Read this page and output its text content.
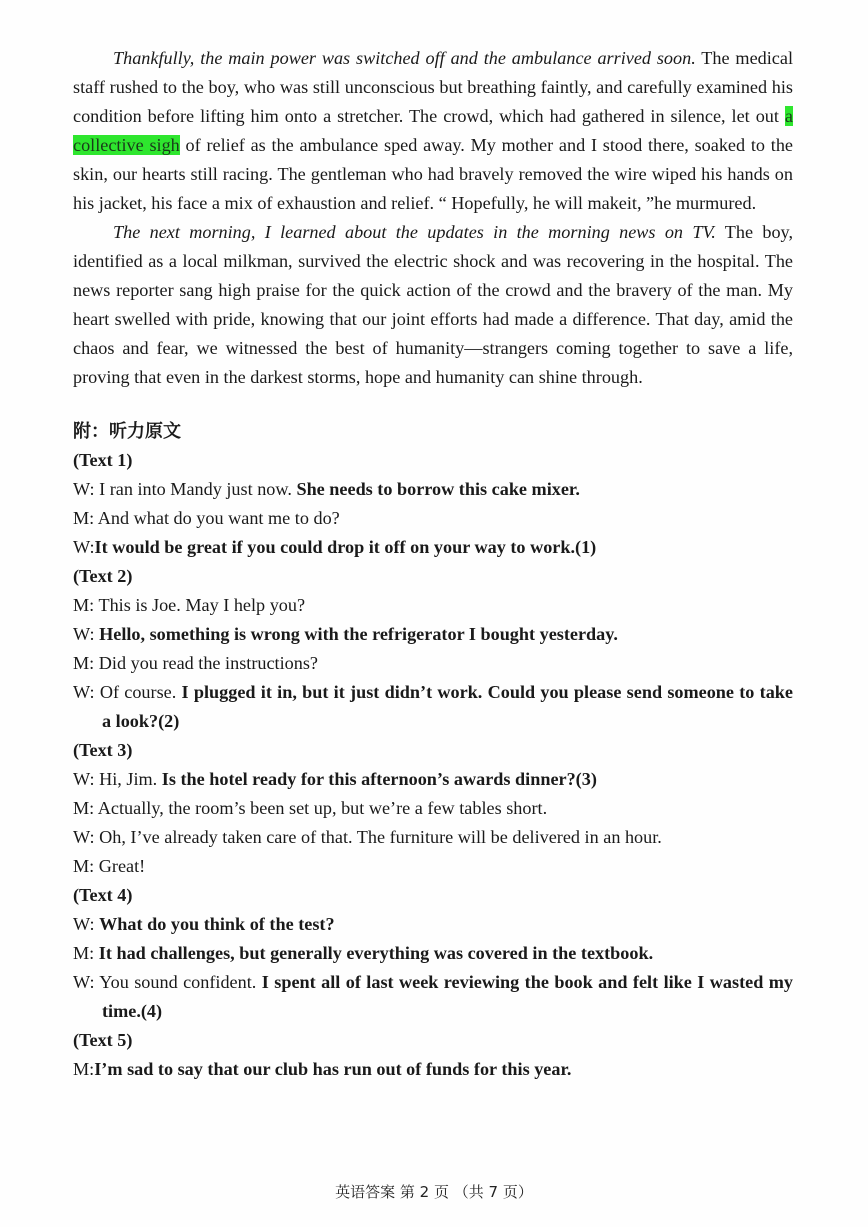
Thankfully, the main power was switched off and the ambulance arrived soon. The medical staff rushed to the boy, who was still unconscious but breathing faintly, and carefully examined his condition before lifting him onto a stretcher. The crowd, which had gathered in silence, let out a collective sigh of relief as the ambulance sped away. My mother and I stood there, soaked to the skin, our hearts still racing. The gentleman who had bravely removed the wire wiped his hands on his jacket, his face a mix of exhaustion and relief. “ Hopefully, he will makeit, ”he murmured.

The next morning, I learned about the updates in the morning news on TV. The boy, identified as a local milkman, survived the electric shock and was recovering in the hospital. The news reporter sang high praise for the quick action of the crowd and the bravery of the man. My heart swelled with pride, knowing that our joint efforts had made a difference. That day, amid the chaos and fear, we witnessed the best of humanity—strangers coming together to save a life, proving that even in the darkest storms, hope and humanity can shine through.

附：听力原文

(Text 1)

W: I ran into Mandy just now. She needs to borrow this cake mixer.

M: And what do you want me to do?

W:It would be great if you could drop it off on your way to work.(1)

(Text 2)

M: This is Joe. May I help you?

W: Hello, something is wrong with the refrigerator I bought yesterday.

M: Did you read the instructions?

W: Of course. I plugged it in, but it just didn’t work. Could you please send someone to take a look?(2)

(Text 3)

W: Hi, Jim. Is the hotel ready for this afternoon’s awards dinner?(3)

M: Actually, the room’s been set up, but we’re a few tables short.

W: Oh, I’ve already taken care of that. The furniture will be delivered in an hour.

M: Great!

(Text 4)

W: What do you think of the test?

M: It had challenges, but generally everything was covered in the textbook.

W: You sound confident. I spent all of last week reviewing the book and felt like I wasted my time.(4)

(Text 5)

M:I’m sad to say that our club has run out of funds for this year.

英语答案 第 2 页 （共 7 页）
